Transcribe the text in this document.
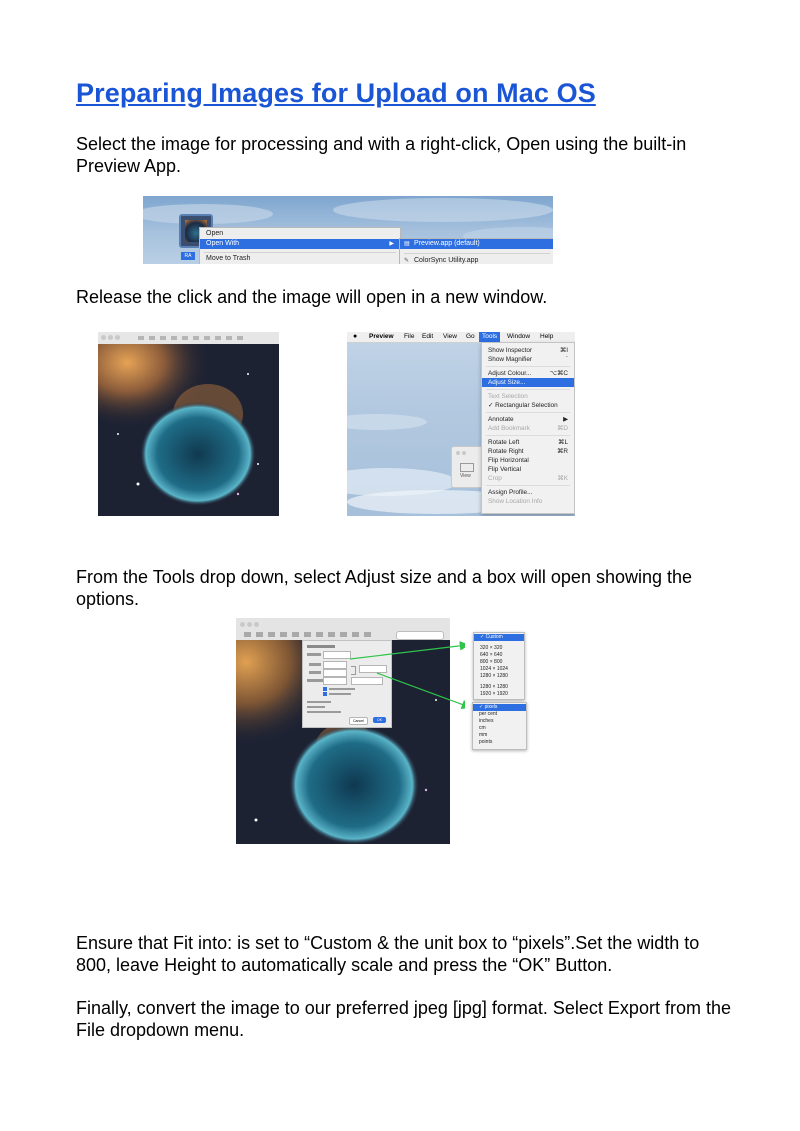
Preparing Images for Upload on Mac OS

Select the image for processing and with a right-click, Open using the built-in Preview App.

RA
Open
Open With	▶
Move to Trash
▤ Preview.app (default)
✎ ColorSync Utility.app

Release the click and the image will open in a new window.

● Preview File Edit View Go	Tools	Window Help
View
Show Inspector	⌘I
Show Magnifier	`
Adjust Colour...	⌥⌘C
Adjust Size...
Text Selection
✓ Rectangular Selection
Annotate	▶
Add Bookmark	⌘D
Rotate Left	⌘L
Rotate Right	⌘R
Flip Horizontal
Flip Vertical
Crop	⌘K
Assign Profile...
Show Location Info

From the Tools drop down, select Adjust size and a box will open showing the options.

Cancel	OK
✓ Custom
320 × 320
640 × 640
800 × 800
1024 × 1024
1280 × 1280
1280 × 1280
1920 × 1920
✓ pixels
per cent
inches
cm
mm
points

Ensure that Fit into: is set to “Custom & the unit box to “pixels”.Set the width to 800, leave Height to automatically scale and press the “OK” Button.

Finally, convert the image to our preferred jpeg [jpg] format. Select Export from the File dropdown menu.
